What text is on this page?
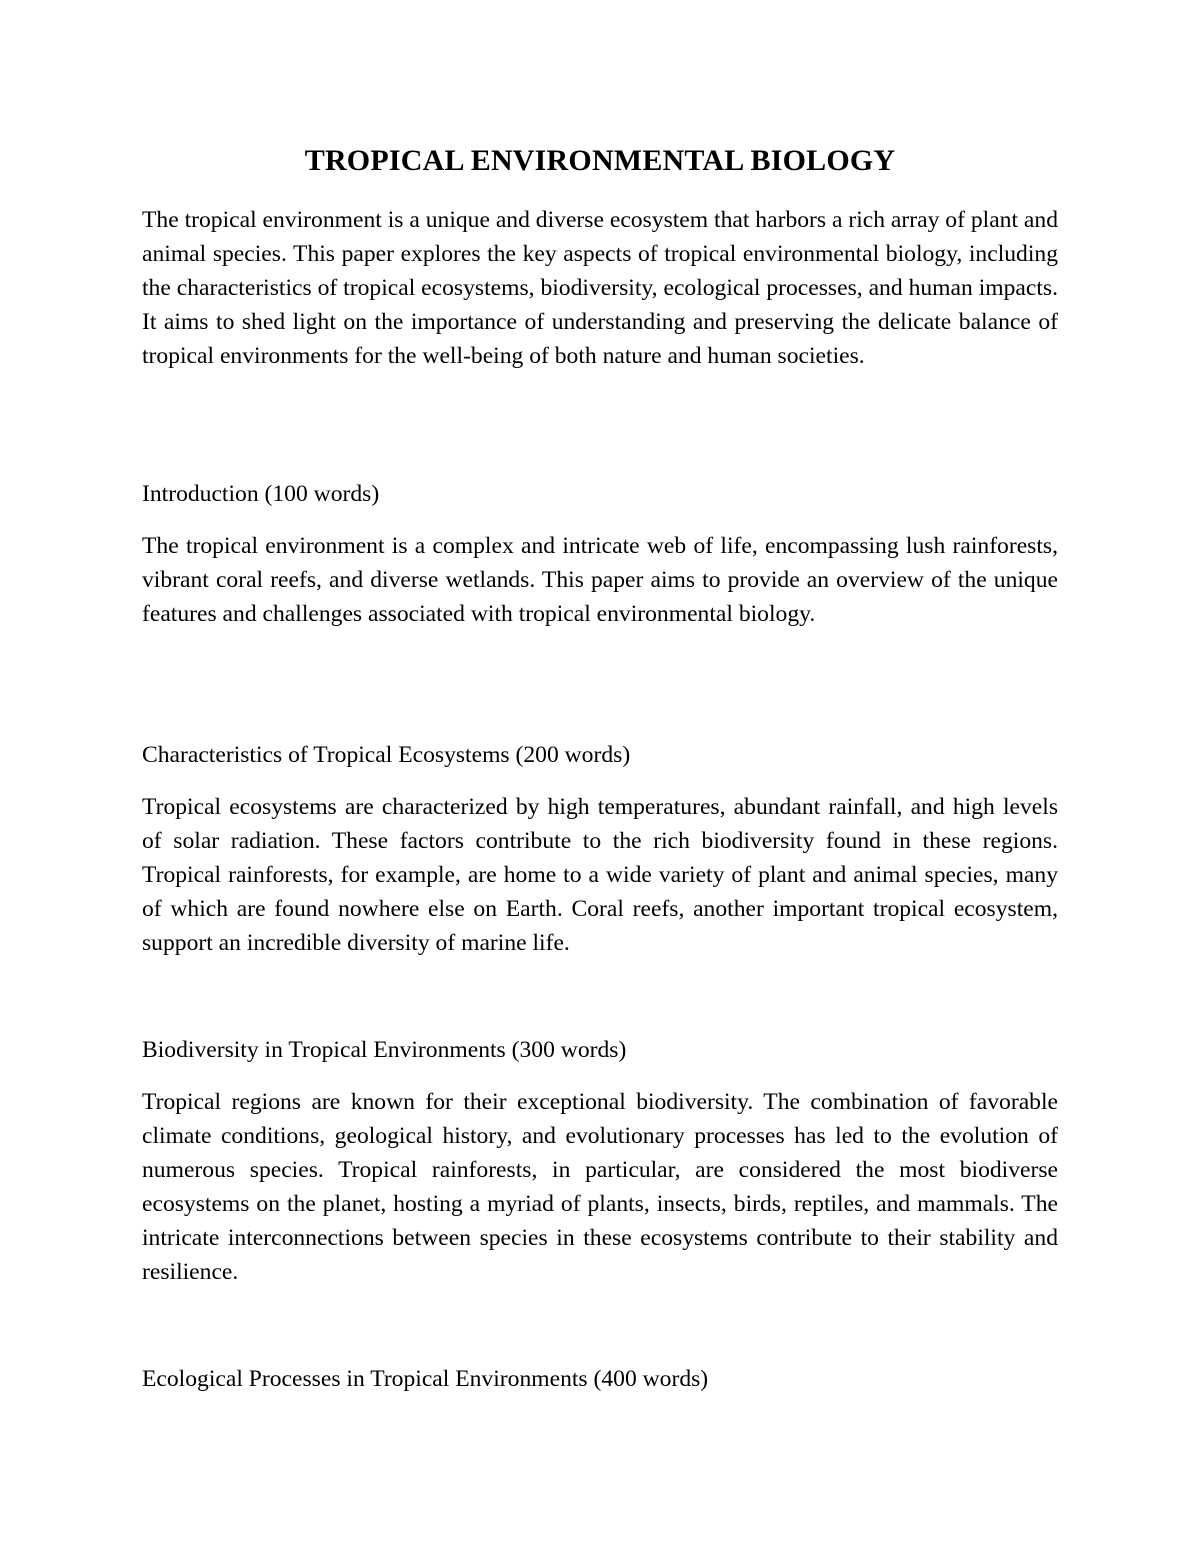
TROPICAL ENVIRONMENTAL BIOLOGY

The tropical environment is a unique and diverse ecosystem that harbors a rich array of plant and animal species. This paper explores the key aspects of tropical environmental biology, including the characteristics of tropical ecosystems, biodiversity, ecological processes, and human impacts. It aims to shed light on the importance of understanding and preserving the delicate balance of tropical environments for the well-being of both nature and human societies.

Introduction (100 words)

The tropical environment is a complex and intricate web of life, encompassing lush rainforests, vibrant coral reefs, and diverse wetlands. This paper aims to provide an overview of the unique features and challenges associated with tropical environmental biology.

Characteristics of Tropical Ecosystems (200 words)

Tropical ecosystems are characterized by high temperatures, abundant rainfall, and high levels of solar radiation. These factors contribute to the rich biodiversity found in these regions. Tropical rainforests, for example, are home to a wide variety of plant and animal species, many of which are found nowhere else on Earth. Coral reefs, another important tropical ecosystem, support an incredible diversity of marine life.

Biodiversity in Tropical Environments (300 words)

Tropical regions are known for their exceptional biodiversity. The combination of favorable climate conditions, geological history, and evolutionary processes has led to the evolution of numerous species. Tropical rainforests, in particular, are considered the most biodiverse ecosystems on the planet, hosting a myriad of plants, insects, birds, reptiles, and mammals. The intricate interconnections between species in these ecosystems contribute to their stability and resilience.

Ecological Processes in Tropical Environments (400 words)
